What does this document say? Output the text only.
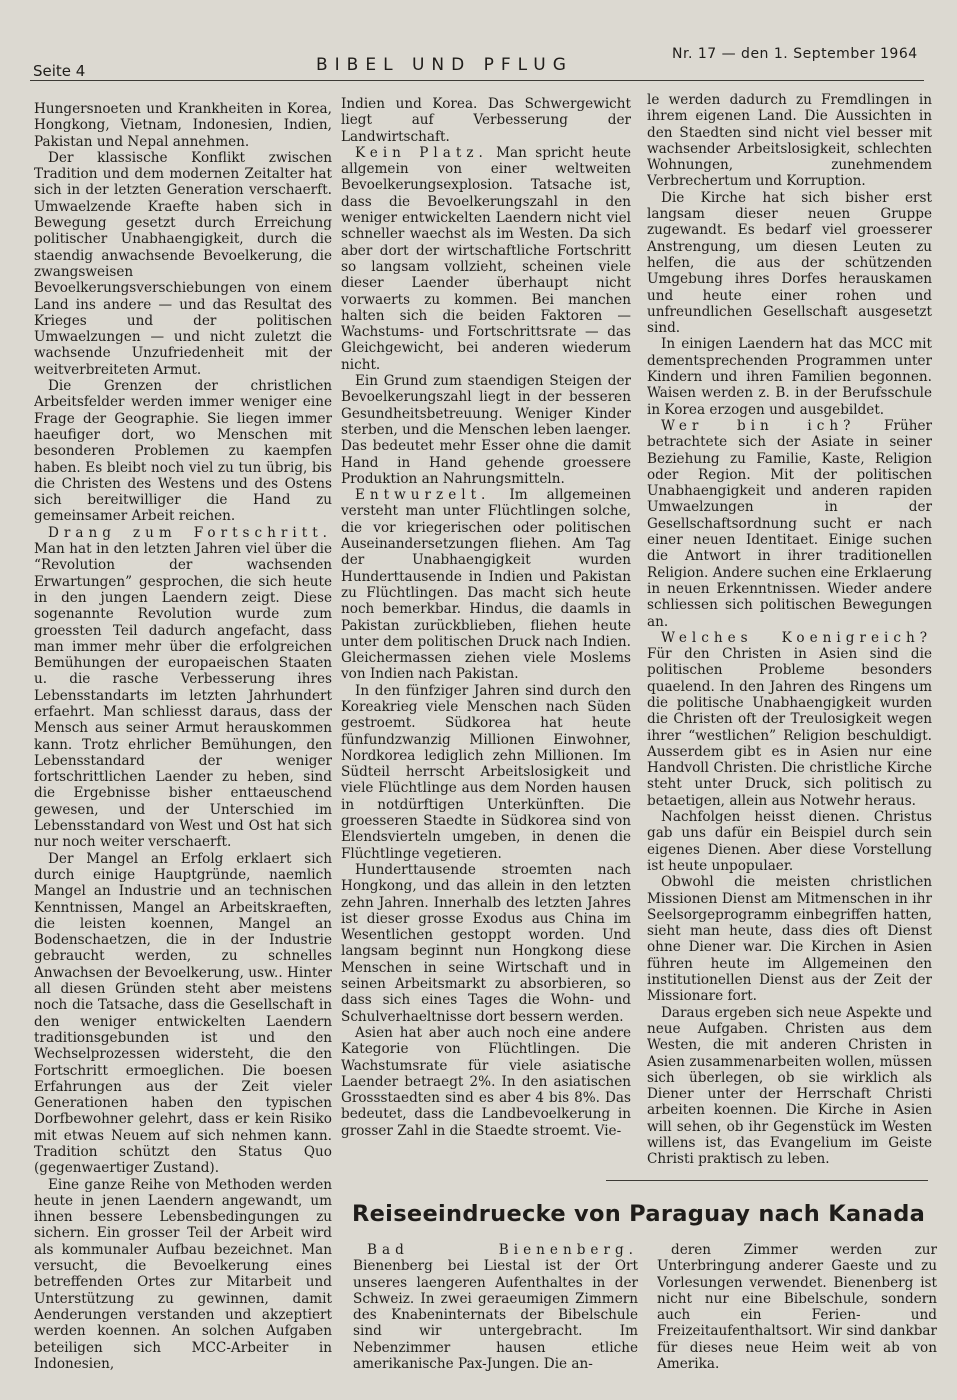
Seite 4	BIBEL UND PFLUG
Nr. 17 — den 1. September 1964

Hungersnoeten und Krankheiten in Korea, Hongkong, Vietnam, Indonesien, Indien, Pakistan und Nepal annehmen.

Der klassische Konflikt zwischen Tradition und dem modernen Zeitalter hat sich in der letzten Generation verschaerft. Umwaelzende Kraefte haben sich in Bewegung gesetzt durch Erreichung politischer Unabhaengigkeit, durch die staendig anwachsende Bevoelkerung, die zwangsweisen Bevoelkerungsverschiebungen von einem Land ins andere — und das Resultat des Krieges und der politischen Umwaelzungen — und nicht zuletzt die wachsende Unzufriedenheit mit der weitverbreiteten Armut.

Die Grenzen der christlichen Arbeitsfelder werden immer weniger eine Frage der Geographie. Sie liegen immer haeufiger dort, wo Menschen mit besonderen Problemen zu kaempfen haben. Es bleibt noch viel zu tun übrig, bis die Christen des Westens und des Ostens sich bereitwilliger die Hand zu gemeinsamer Arbeit reichen.

Drang zum Fortschritt. Man hat in den letzten Jahren viel über die “Revolution der wachsenden Erwartungen” gesprochen, die sich heute in den jungen Laendern zeigt. Diese sogenannte Revolution wurde zum groessten Teil dadurch angefacht, dass man immer mehr über die erfolgreichen Bemühungen der europaeischen Staaten u. die rasche Verbesserung ihres Lebensstandarts im letzten Jahrhundert erfaehrt. Man schliesst daraus, dass der Mensch aus seiner Armut herauskommen kann. Trotz ehrlicher Bemühungen, den Lebensstandard der weniger fortschrittlichen Laender zu heben, sind die Ergebnisse bisher enttaeuschend gewesen, und der Unterschied im Lebensstandard von West und Ost hat sich nur noch weiter verschaerft.

Der Mangel an Erfolg erklaert sich durch einige Hauptgründe, naemlich Mangel an Industrie und an technischen Kenntnissen, Mangel an Arbeitskraeften, die leisten koennen, Mangel an Bodenschaetzen, die in der Industrie gebraucht werden, zu schnelles Anwachsen der Bevoelkerung, usw.. Hinter all diesen Gründen steht aber meistens noch die Tatsache, dass die Gesellschaft in den weniger entwickelten Laendern traditionsgebunden ist und den Wechselprozessen widersteht, die den Fortschritt ermoeglichen. Die boesen Erfahrungen aus der Zeit vieler Generationen haben den typischen Dorfbewohner gelehrt, dass er kein Risiko mit etwas Neuem auf sich nehmen kann. Tradition schützt den Status Quo (gegenwaertiger Zustand).

Eine ganze Reihe von Methoden werden heute in jenen Laendern angewandt, um ihnen bessere Lebensbedingungen zu sichern. Ein grosser Teil der Arbeit wird als kommunaler Aufbau bezeichnet. Man versucht, die Bevoelkerung eines betreffenden Ortes zur Mitarbeit und Unterstützung zu gewinnen, damit Aenderungen verstanden und akzeptiert werden koennen. An solchen Aufgaben beteiligen sich MCC-Arbeiter in Indonesien,

Indien und Korea. Das Schwergewicht liegt auf Verbesserung der Landwirtschaft.

Kein Platz. Man spricht heute allgemein von einer weltweiten Bevoelkerungsexplosion. Tatsache ist, dass die Bevoelkerungszahl in den weniger entwickelten Laendern nicht viel schneller waechst als im Westen. Da sich aber dort der wirtschaftliche Fortschritt so langsam vollzieht, scheinen viele dieser Laender überhaupt nicht vorwaerts zu kommen. Bei manchen halten sich die beiden Faktoren — Wachstums- und Fortschrittsrate — das Gleichgewicht, bei anderen wiederum nicht.

Ein Grund zum staendigen Steigen der Bevoelkerungszahl liegt in der besseren Gesundheitsbetreuung. Weniger Kinder sterben, und die Menschen leben laenger. Das bedeutet mehr Esser ohne die damit Hand in Hand gehende groessere Produktion an Nahrungsmitteln.

Entwurzelt. Im allgemeinen versteht man unter Flüchtlingen solche, die vor kriegerischen oder politischen Auseinandersetzungen fliehen. Am Tag der Unabhaengigkeit wurden Hunderttausende in Indien und Pakistan zu Flüchtlingen. Das macht sich heute noch bemerkbar. Hindus, die daamls in Pakistan zurückblieben, fliehen heute unter dem politischen Druck nach Indien. Gleichermassen ziehen viele Moslems von Indien nach Pakistan.

In den fünfziger Jahren sind durch den Koreakrieg viele Menschen nach Süden gestroemt. Südkorea hat heute fünfundzwanzig Millionen Einwohner, Nordkorea lediglich zehn Millionen. Im Südteil herrscht Arbeitslosigkeit und viele Flüchtlinge aus dem Norden hausen in notdürftigen Unterkünften. Die groesseren Staedte in Südkorea sind von Elendsvierteln umgeben, in denen die Flüchtlinge vegetieren.

Hunderttausende stroemten nach Hongkong, und das allein in den letzten zehn Jahren. Innerhalb des letzten Jahres ist dieser grosse Exodus aus China im Wesentlichen gestoppt worden. Und langsam beginnt nun Hongkong diese Menschen in seine Wirtschaft und in seinen Arbeitsmarkt zu absorbieren, so dass sich eines Tages die Wohn- und Schulverhaeltnisse dort bessern werden.

Asien hat aber auch noch eine andere Kategorie von Flüchtlingen. Die Wachstumsrate für viele asiatische Laender betraegt 2%. In den asiatischen Grossstaedten sind es aber 4 bis 8%. Das bedeutet, dass die Landbevoelkerung in grosser Zahl in die Staedte stroemt. Vie-

le werden dadurch zu Fremdlingen in ihrem eigenen Land. Die Aussichten in den Staedten sind nicht viel besser mit wachsender Arbeitslosigkeit, schlechten Wohnungen, zunehmendem Verbrechertum und Korruption.

Die Kirche hat sich bisher erst langsam dieser neuen Gruppe zugewandt. Es bedarf viel groesserer Anstrengung, um diesen Leuten zu helfen, die aus der schützenden Umgebung ihres Dorfes herauskamen und heute einer rohen und unfreundlichen Gesellschaft ausgesetzt sind.

In einigen Laendern hat das MCC mit dementsprechenden Programmen unter Kindern und ihren Familien begonnen. Waisen werden z. B. in der Berufsschule in Korea erzogen und ausgebildet.

Wer bin ich? Früher betrachtete sich der Asiate in seiner Beziehung zu Familie, Kaste, Religion oder Region. Mit der politischen Unabhaengigkeit und anderen rapiden Umwaelzungen in der Gesellschaftsordnung sucht er nach einer neuen Identitaet. Einige suchen die Antwort in ihrer traditionellen Religion. Andere suchen eine Erklaerung in neuen Erkenntnissen. Wieder andere schliessen sich politischen Bewegungen an.

Welches Koenigreich? Für den Christen in Asien sind die politischen Probleme besonders quaelend. In den Jahren des Ringens um die politische Unabhaengigkeit wurden die Christen oft der Treulosigkeit wegen ihrer “westlichen” Religion beschuldigt. Ausserdem gibt es in Asien nur eine Handvoll Christen. Die christliche Kirche steht unter Druck, sich politisch zu betaetigen, allein aus Notwehr heraus.

Nachfolgen heisst dienen. Christus gab uns dafür ein Beispiel durch sein eigenes Dienen. Aber diese Vorstellung ist heute unpopulaer.

Obwohl die meisten christlichen Missionen Dienst am Mitmenschen in ihr Seelsorgeprogramm einbegriffen hatten, sieht man heute, dass dies oft Dienst ohne Diener war. Die Kirchen in Asien führen heute im Allgemeinen den institutionellen Dienst aus der Zeit der Missionare fort.

Daraus ergeben sich neue Aspekte und neue Aufgaben. Christen aus dem Westen, die mit anderen Christen in Asien zusammenarbeiten wollen, müssen sich überlegen, ob sie wirklich als Diener unter der Herrschaft Christi arbeiten koennen. Die Kirche in Asien will sehen, ob ihr Gegenstück im Westen willens ist, das Evangelium im Geiste Christi praktisch zu leben.

Reiseeindruecke von Paraguay nach Kanada

Bad Bienenberg. Bienenberg bei Liestal ist der Ort unseres laengeren Aufenthaltes in der Schweiz. In zwei geraeumigen Zimmern des Knabeninternats der Bibelschule sind wir untergebracht. Im Nebenzimmer hausen etliche amerikanische Pax-Jungen. Die an-

deren Zimmer werden zur Unterbringung anderer Gaeste und zu Vorlesungen verwendet. Bienenberg ist nicht nur eine Bibelschule, sondern auch ein Ferien- und Freizeitaufenthaltsort. Wir sind dankbar für dieses neue Heim weit ab von Amerika.
